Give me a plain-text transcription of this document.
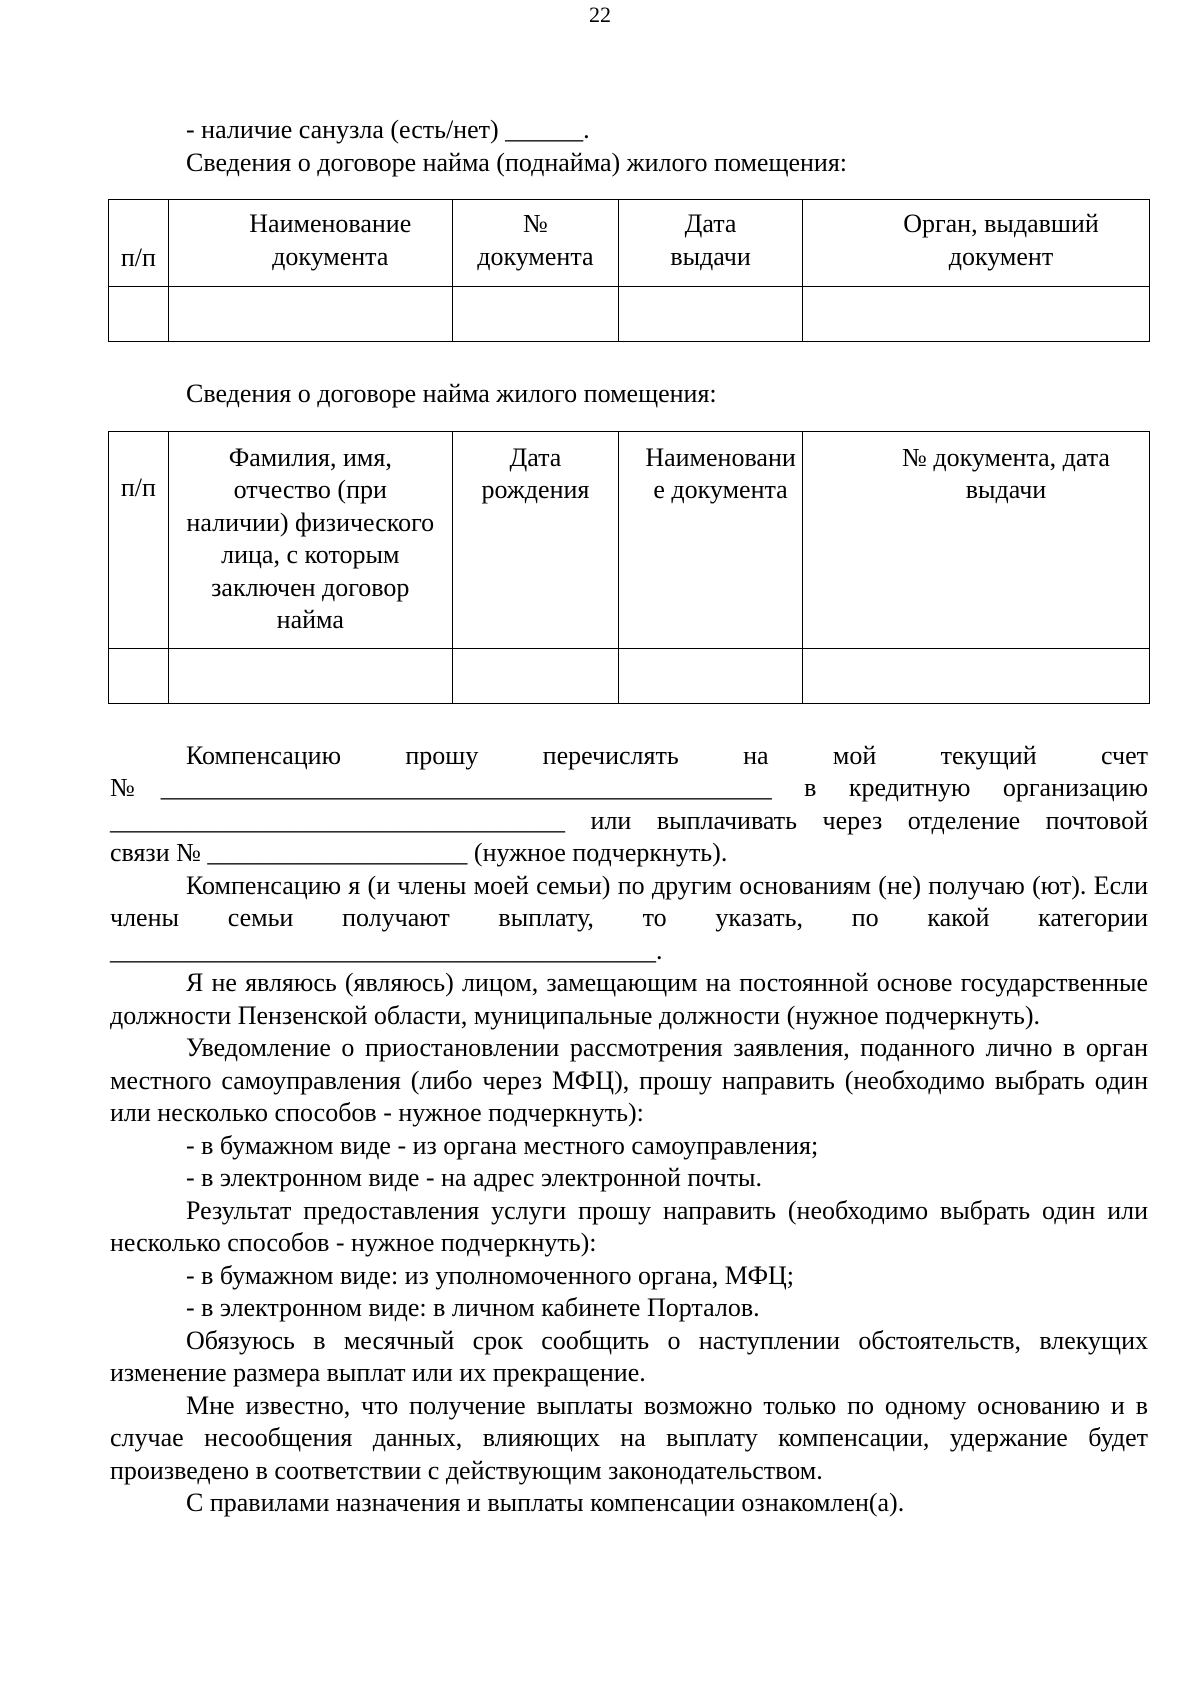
22

- наличие санузла (есть/нет) ______.

Сведения о договоре найма (поднайма) жилого помещения:

п/п	Наименование документа	№ документа	Дата выдачи	Орган, выдавший документ

Сведения о договоре найма жилого помещения:

п/п	Фамилия, имя, отчество (при наличии) физического лица, с которым заключен договор найма	Дата рождения	Наименование документа	№ документа, дата выдачи

Компенсацию прошу перечислять на мой текущий счет

№_______________________________________________ в кредитную организацию

___________________________________ или выплачивать через отделение почтовой

связи № ____________________ (нужное подчеркнуть).

Компенсацию я (и члены моей семьи) по другим основаниям (не) получаю (ют). Если члены семьи получают выплату, то указать, по какой категории

__________________________________________.

Я не являюсь (являюсь) лицом, замещающим на постоянной основе государственные должности Пензенской области, муниципальные должности (нужное подчеркнуть).

Уведомление о приостановлении рассмотрения заявления, поданного лично в орган местного самоуправления (либо через МФЦ), прошу направить (необходимо выбрать один или несколько способов - нужное подчеркнуть):

- в бумажном виде - из органа местного самоуправления;

- в электронном виде - на адрес электронной почты.

Результат предоставления услуги прошу направить (необходимо выбрать один или несколько способов - нужное подчеркнуть):

- в бумажном виде: из уполномоченного органа, МФЦ;

- в электронном виде: в личном кабинете Порталов.

Обязуюсь в месячный срок сообщить о наступлении обстоятельств, влекущих изменение размера выплат или их прекращение.

Мне известно, что получение выплаты возможно только по одному основанию и в случае несообщения данных, влияющих на выплату компенсации, удержание будет произведено в соответствии с действующим законодательством.

С правилами назначения и выплаты компенсации ознакомлен(а).
